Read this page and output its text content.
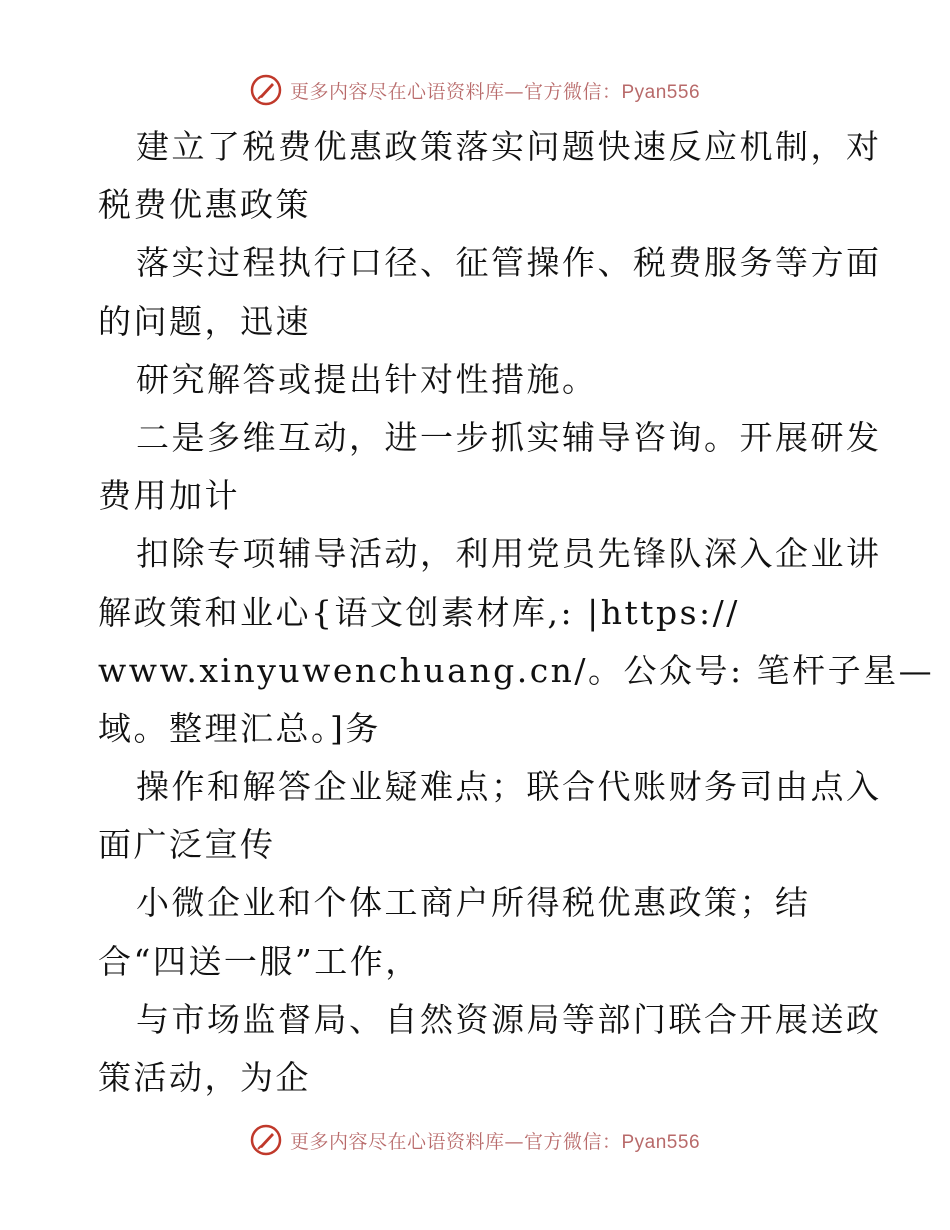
更多内容尽在心语资料库—官方微信：Pyan556
建立了税费优惠政策落实问题快速反应机制，对
税费优惠政策
落实过程执行口径、征管操作、税费服务等方面
的问题，迅速
研究解答或提出针对性措施。
二是多维互动，进一步抓实辅导咨询。开展研发
费用加计
扣除专项辅导活动，利用党员先锋队深入企业讲
解政策和业心{语文创素材库,: |https://
www.xinyuwenchuang.cn/。公众号: 笔杆子星—
域。整理汇总。]务
操作和解答企业疑难点；联合代账财务司由点入
面广泛宣传
小微企业和个体工商户所得税优惠政策；结
合“四送一服”工作，
与市场监督局、自然资源局等部门联合开展送政
策活动，为企
更多内容尽在心语资料库—官方微信：Pyan556
